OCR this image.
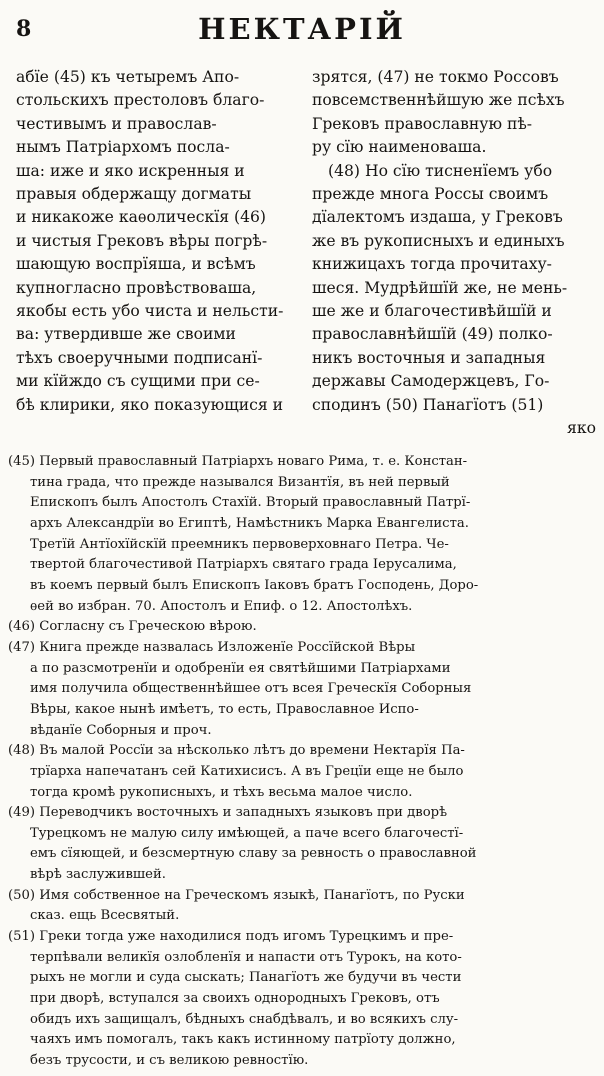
8	НЕКТАРІЙ
абїе (45) къ четыремъ Апо-
стольскихъ престоловъ благо-
честивымъ и православ-
нымъ Патріархомъ посла-
ша: иже и яко искренныя и
правыя обдержащу догматы
и никакоже каѳолическїя (46)
и чистыя Грековъ вѣры погрѣ-
шающую воспрїяша, и всѣмъ
купногласно провѣствоваша,
якобы есть убо чиста и нельсти-
ва: утвердивше же своими
тѣхъ своеручными подписанї-
ми кїйждо съ сущими при се-
бѣ клирики, яко показующися и
зрятся, (47) не токмо Россовъ
повсемственнѣйшую же псѣхъ
Грековъ православную пѣ-
ру сїю наименоваша.
(48) Но сїю тисненїемъ убо
прежде многа Россы своимъ
дїалектомъ издаша, у Грековъ
же въ рукописныхъ и единыхъ
книжицахъ тогда прочитаху-
шеся. Мудрѣйшїй же, не мень-
ше же и благочестивѣйшїй и
православнѣйшїй (49) полко-
никъ восточныя и западныя
державы Самодержцевъ, Го-
сподинъ (50) Панагїотъ (51)
яко
(45) Первый православный Патріархъ новаго Рима, т. е. Констан-
тина града, что прежде назывался Византїя, въ ней первый
Епископъ былъ Апостолъ Стахїй. Вторый православный Патрї-
архъ Александрїи во Египтѣ, Намѣстникъ Марка Евангелиста.
Третїй Антїохїйскїй преемникъ первоверховнаго Петра. Че-
твертой благочестивой Патріархъ святаго града Іерусалима,
въ коемъ первый былъ Епископъ Іаковъ братъ Господень, Доро-
ѳей во избран. 70. Апостолъ и Епиф. о 12. Апостолѣхъ.
(46) Согласну съ Греческою вѣрою.
(47) Книга прежде назвалась Изложенїе Россїйской Вѣры
а по разсмотренїи и одобренїи ея святѣйшими Патріархами
имя получила общественнѣйшее отъ всея Греческїя Соборныя
Вѣры, какое нынѣ имѣетъ, то есть, Православное Испо-
вѣданїе Соборныя и проч.
(48) Въ малой Россїи за нѣсколько лѣтъ до времени Нектарїя Па-
трїарха напечатанъ сей Катихисисъ. А въ Грецїи еще не было
тогда кромѣ рукописныхъ, и тѣхъ весьма малое число.
(49) Переводчикъ восточныхъ и западныхъ языковъ при дворѣ
Турецкомъ не малую силу имѣющей, а паче всего благочестї-
емъ сїяющей, и безсмертную славу за ревность о православной
вѣрѣ заслужившей.
(50) Имя собственное на Греческомъ языкѣ, Панагїотъ, по Руски
сказ. ещь Всесвятый.
(51) Греки тогда уже находилися подъ игомъ Турецкимъ и пре-
терпѣвали великїя озлобленїя и напасти отъ Турокъ, на кото-
рыхъ не могли и суда сыскать; Панагїотъ же будучи въ чести
при дворѣ, вступался за своихъ однородныхъ Грековъ, отъ
обидъ ихъ защищалъ, бѣдныхъ снабдѣвалъ, и во всякихъ слу-
чаяхъ имъ помогалъ, такъ какъ истинному патрїоту должно,
безъ трусости, и съ великою ревностїю.
